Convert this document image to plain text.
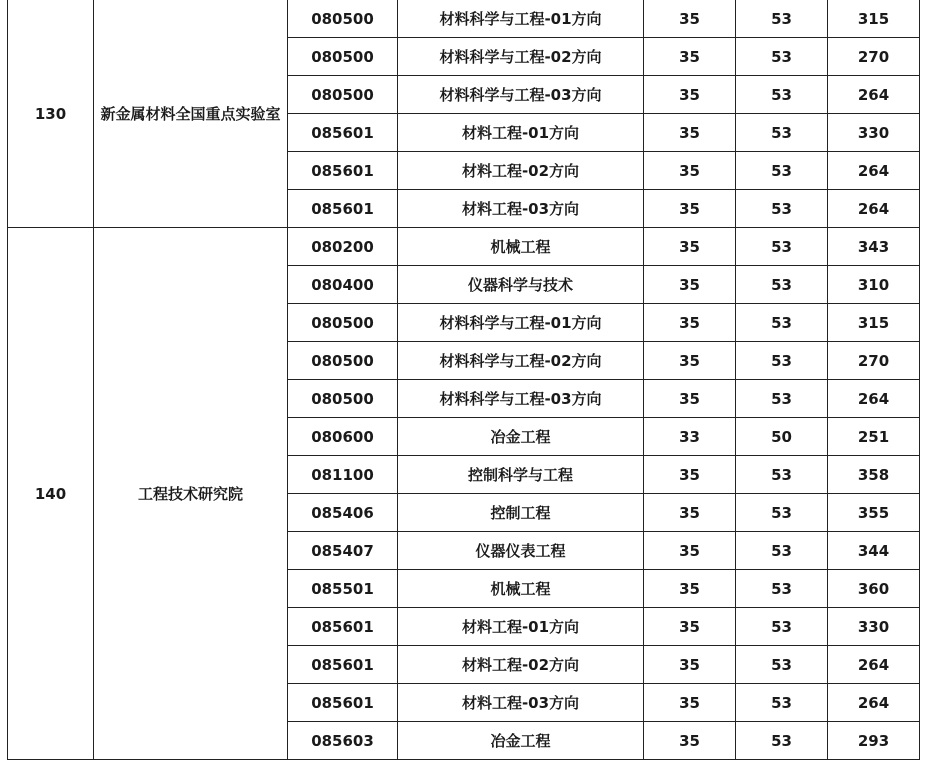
130	新金属材料全国重点实验室	080500	材料科学与工程-01方向	35	53	315
		080500	材料科学与工程-02方向	35	53	270
		080500	材料科学与工程-03方向	35	53	264
		085601	材料工程-01方向	35	53	330
		085601	材料工程-02方向	35	53	264
		085601	材料工程-03方向	35	53	264
140	工程技术研究院	080200	机械工程	35	53	343
		080400	仪器科学与技术	35	53	310
		080500	材料科学与工程-01方向	35	53	315
		080500	材料科学与工程-02方向	35	53	270
		080500	材料科学与工程-03方向	35	53	264
		080600	冶金工程	33	50	251
		081100	控制科学与工程	35	53	358
		085406	控制工程	35	53	355
		085407	仪器仪表工程	35	53	344
		085501	机械工程	35	53	360
		085601	材料工程-01方向	35	53	330
		085601	材料工程-02方向	35	53	264
		085601	材料工程-03方向	35	53	264
		085603	冶金工程	35	53	293
